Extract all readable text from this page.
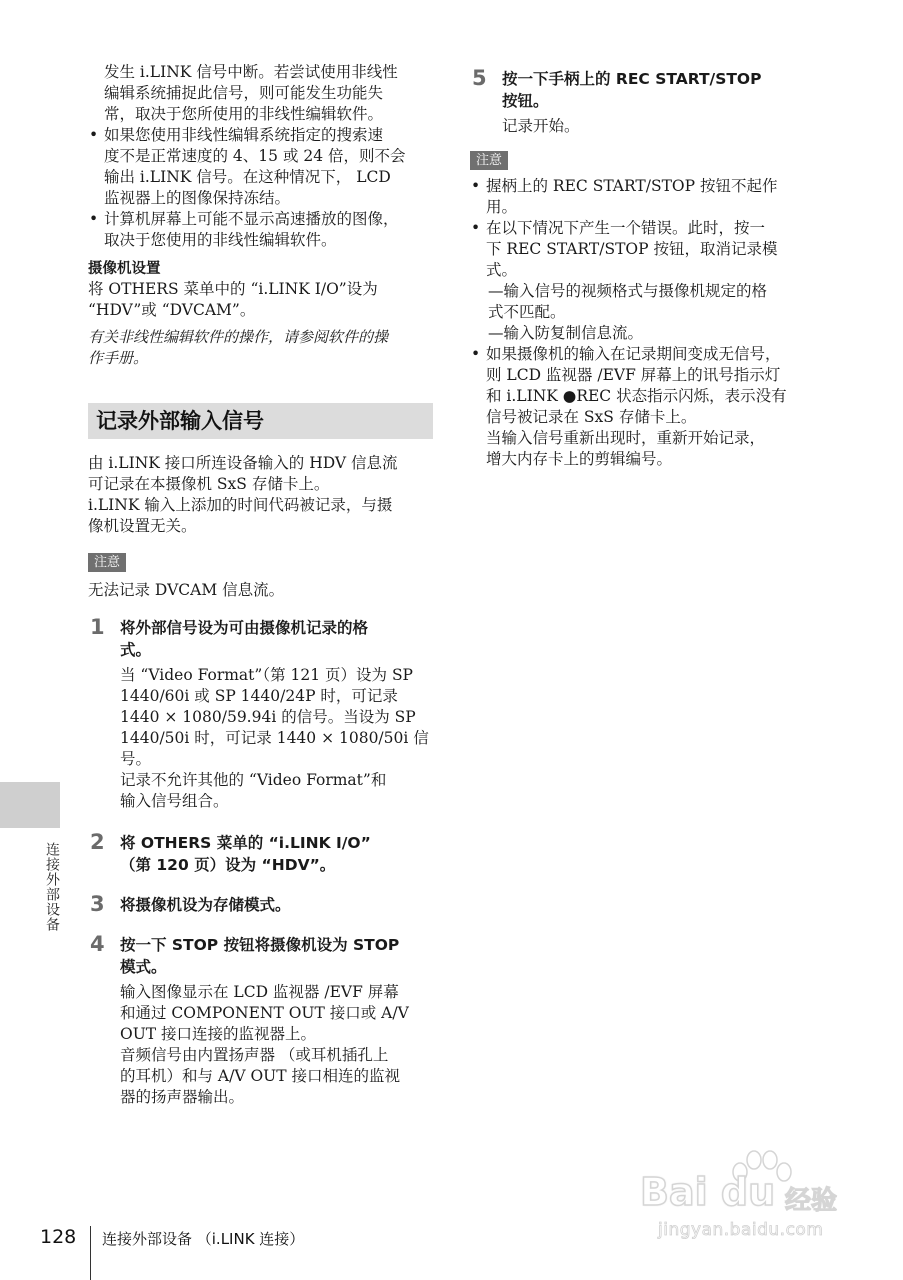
发生 i.LINK 信号中断。若尝试使用非线性

编辑系统捕捉此信号，则可能发生功能失

常，取决于您所使用的非线性编辑软件。

• 如果您使用非线性编辑系统指定的搜索速

度不是正常速度的 4、15 或 24 倍，则不会

输出 i.LINK 信号。在这种情况下， LCD

监视器上的图像保持冻结。

• 计算机屏幕上可能不显示高速播放的图像，

取决于您使用的非线性编辑软件。

摄像机设置

将 OTHERS 菜单中的 “i.LINK I/O”设为

“HDV”或 “DVCAM”。

有关非线性编辑软件的操作，请参阅软件的操

作手册。

记录外部输入信号

由 i.LINK 接口所连设备输入的 HDV 信息流

可记录在本摄像机 SxS 存储卡上。

i.LINK 输入上添加的时间代码被记录，与摄

像机设置无关。

注意

无法记录 DVCAM 信息流。

1 将外部信号设为可由摄像机记录的格

式。

当 “Video Format”（第 121 页）设为 SP

1440/60i 或 SP 1440/24P 时，可记录

1440 × 1080/59.94i 的信号。当设为 SP

1440/50i 时，可记录 1440 × 1080/50i 信

号。

记录不允许其他的 “Video Format”和

输入信号组合。

2 将 OTHERS 菜单的 “i.LINK I/O”

（第 120 页）设为 “HDV”。

3 将摄像机设为存储模式。

4 按一下 STOP 按钮将摄像机设为 STOP

模式。

输入图像显示在 LCD 监视器 /EVF 屏幕

和通过 COMPONENT OUT 接口或 A/V

OUT 接口连接的监视器上。

音频信号由内置扬声器 （或耳机插孔上

的耳机）和与 A/V OUT 接口相连的监视

器的扬声器输出。

5 按一下手柄上的 REC START/STOP

按钮。

记录开始。

注意

• 握柄上的 REC START/STOP 按钮不起作

用。

• 在以下情况下产生一个错误。此时，按一

下 REC START/STOP 按钮，取消记录模

式。

—输入信号的视频格式与摄像机规定的格

式不匹配。

—输入防复制信息流。

• 如果摄像机的输入在记录期间变成无信号，

则 LCD 监视器 /EVF 屏幕上的讯号指示灯

和 i.LINK ●REC 状态指示闪烁，表示没有

信号被记录在 SxS 存储卡上。

当输入信号重新出现时，重新开始记录，

增大内存卡上的剪辑编号。

连接外部设备
128 连接外部设备 （i.LINK 连接）
Bai du 经验
jingyan.baidu.com
